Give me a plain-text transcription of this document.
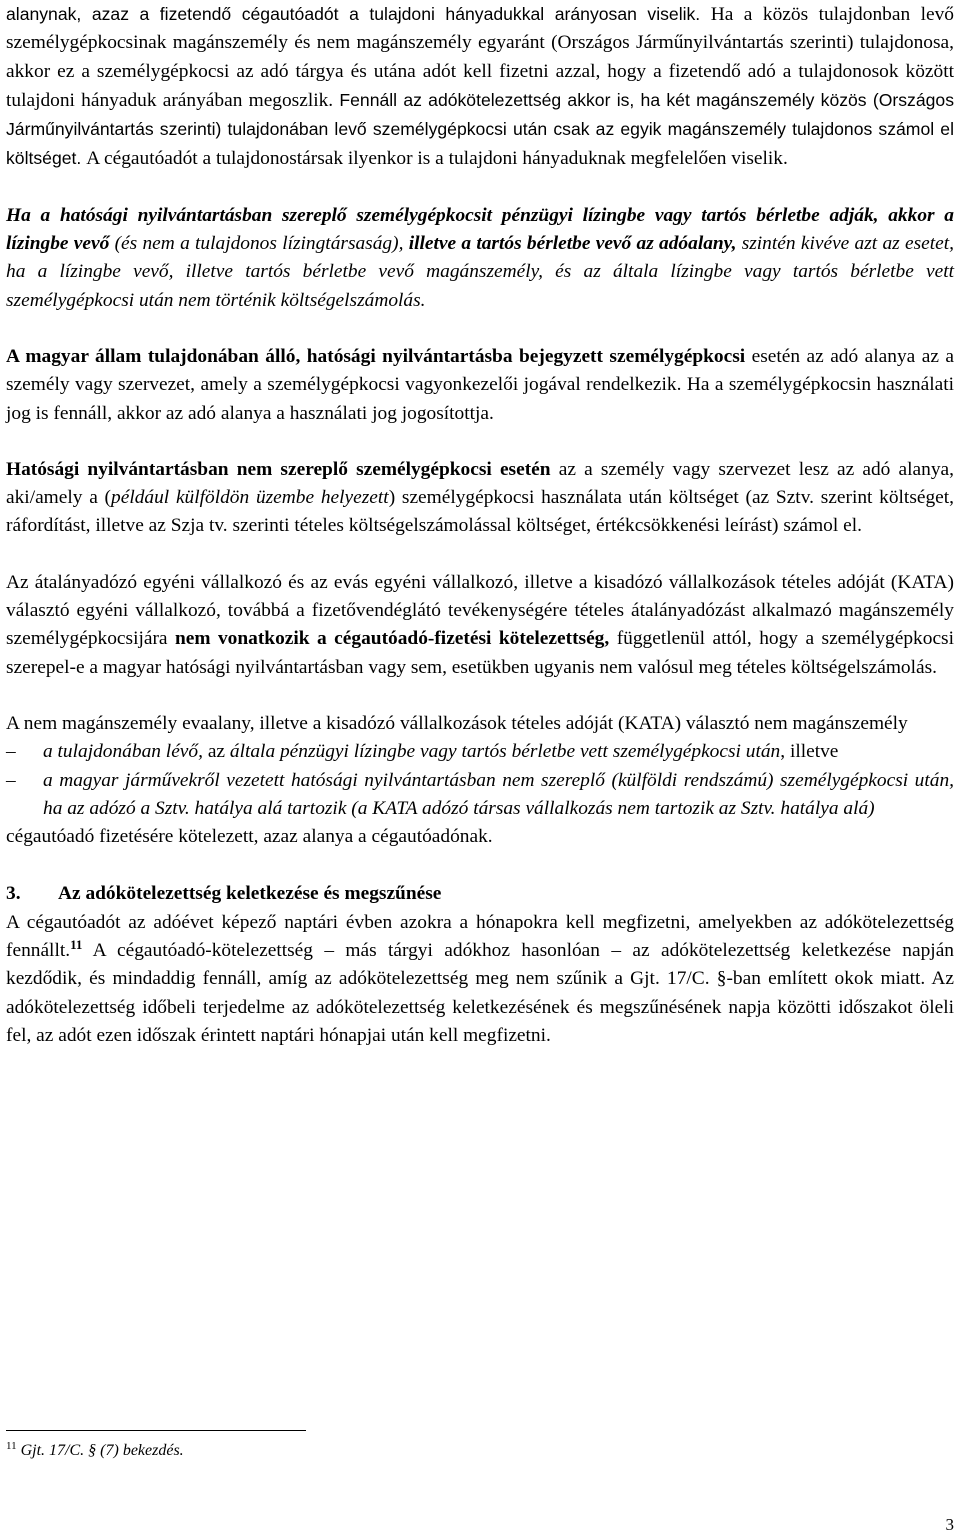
alanynak, azaz a fizetendő cégautóadót a tulajdoni hányadukkal arányosan viselik. Ha a közös tulajdonban levő személygépkocsinak magánszemély és nem magánszemély egyaránt (Országos Járműnyilvántartás szerinti) tulajdonosa, akkor ez a személygépkocsi az adó tárgya és utána adót kell fizetni azzal, hogy a fizetendő adó a tulajdonosok között tulajdoni hányaduk arányában megoszlik. Fennáll az adókötelezettség akkor is, ha két magánszemély közös (Országos Járműnyilvántartás szerinti) tulajdonában levő személygépkocsi után csak az egyik magánszemély tulajdonos számol el költséget. A cégautóadót a tulajdonostársak ilyenkor is a tulajdoni hányaduknak megfelelően viselik.

Ha a hatósági nyilvántartásban szereplő személygépkocsit pénzügyi lízingbe vagy tartós bérletbe adják, akkor a lízingbe vevő (és nem a tulajdonos lízingtársaság), illetve a tartós bérletbe vevő az adóalany, szintén kivéve azt az esetet, ha a lízingbe vevő, illetve tartós bérletbe vevő magánszemély, és az általa lízingbe vagy tartós bérletbe vett személygépkocsi után nem történik költségelszámolás.

A magyar állam tulajdonában álló, hatósági nyilvántartásba bejegyzett személygépkocsi esetén az adó alanya az a személy vagy szervezet, amely a személygépkocsi vagyonkezelői jogával rendelkezik. Ha a személygépkocsin használati jog is fennáll, akkor az adó alanya a használati jog jogosítottja.

Hatósági nyilvántartásban nem szereplő személygépkocsi esetén az a személy vagy szervezet lesz az adó alanya, aki/amely a (például külföldön üzembe helyezett) személygépkocsi használata után költséget (az Sztv. szerint költséget, ráfordítást, illetve az Szja tv. szerinti tételes költségelszámolással költséget, értékcsökkenési leírást) számol el.

Az átalányadózó egyéni vállalkozó és az evás egyéni vállalkozó, illetve a kisadózó vállalkozások tételes adóját (KATA) választó egyéni vállalkozó, továbbá a fizetővendéglátó tevékenységére tételes átalányadózást alkalmazó magánszemély személygépkocsijára nem vonatkozik a cégautóadó-fizetési kötelezettség, függetlenül attól, hogy a személygépkocsi szerepel-e a magyar hatósági nyilvántartásban vagy sem, esetükben ugyanis nem valósul meg tételes költségelszámolás.

A nem magánszemély evaalany, illetve a kisadózó vállalkozások tételes adóját (KATA) választó nem magánszemély

–	a tulajdonában lévő, az általa pénzügyi lízingbe vagy tartós bérletbe vett személygépkocsi után, illetve
–	a magyar járművekről vezetett hatósági nyilvántartásban nem szereplő (külföldi rendszámú) személygépkocsi után, ha az adózó a Sztv. hatálya alá tartozik (a KATA adózó társas vállalkozás nem tartozik az Sztv. hatálya alá)

cégautóadó fizetésére kötelezett, azaz alanya a cégautóadónak.

3.	Az adókötelezettség keletkezése és megszűnése

A cégautóadót az adóévet képező naptári évben azokra a hónapokra kell megfizetni, amelyekben az adókötelezettség fennállt.$^{11}$ A cégautóadó-kötelezettség – más tárgyi adókhoz hasonlóan – az adókötelezettség keletkezése napján kezdődik, és mindaddig fennáll, amíg az adókötelezettség meg nem szűnik a Gjt. 17/C. §-ban említett okok miatt. Az adókötelezettség időbeli terjedelme az adókötelezettség keletkezésének és megszűnésének napja közötti időszakot öleli fel, az adót ezen időszak érintett naptári hónapjai után kell megfizetni.

$^{11}$ Gjt. 17/C. § (7) bekezdés.
3
